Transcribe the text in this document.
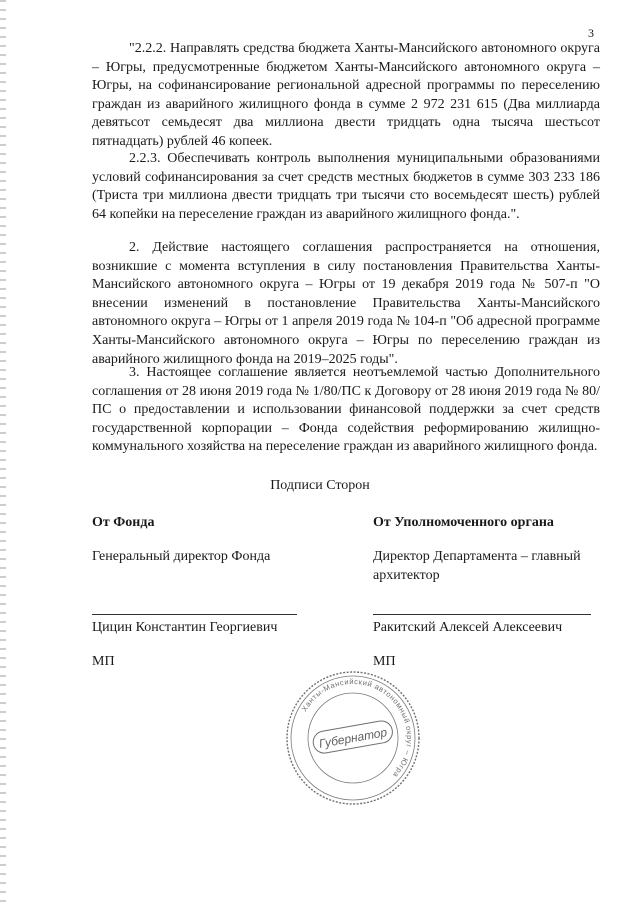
3

"2.2.2. Направлять средства бюджета Ханты-Мансийского автономного округа – Югры, предусмотренные бюджетом Ханты-Мансийского автономного округа – Югры, на софинансирование региональной адресной программы по переселению граждан из аварийного жилищного фонда в сумме 2 972 231 615 (Два миллиарда девятьсот семьдесят два миллиона двести тридцать одна тысяча шестьсот пятнадцать) рублей 46 копеек.

2.2.3. Обеспечивать контроль выполнения муниципальными образованиями условий софинансирования за счет средств местных бюджетов в сумме 303 233 186 (Триста три миллиона двести тридцать три тысячи сто восемьдесят шесть) рублей 64 копейки на переселение граждан из аварийного жилищного фонда.".

2. Действие настоящего соглашения распространяется на отношения, возникшие с момента вступления в силу постановления Правительства Ханты-Мансийского автономного округа – Югры от 19 декабря 2019 года № 507-п "О внесении изменений в постановление Правительства Ханты-Мансийского автономного округа – Югры от 1 апреля 2019 года № 104-п "Об адресной программе Ханты-Мансийского автономного округа – Югры по переселению граждан из аварийного жилищного фонда на 2019–2025 годы".

3. Настоящее соглашение является неотъемлемой частью Дополнительного соглашения от 28 июня 2019 года № 1/80/ПС к Договору от 28 июня 2019 года № 80/ПС о предоставлении и использовании финансовой поддержки за счет средств государственной корпорации – Фонда содействия реформированию жилищно-коммунального хозяйства на переселение граждан из аварийного жилищного фонда.

Подписи Сторон
От Фонда	От Уполномоченного органа
Генеральный директор Фонда	Директор Департамента – главный архитектор
Цицин Константин Георгиевич	Ракитский Алексей Алексеевич
МП	МП
Ханты-Мансийский автономный округ – Югра
Губернатор
